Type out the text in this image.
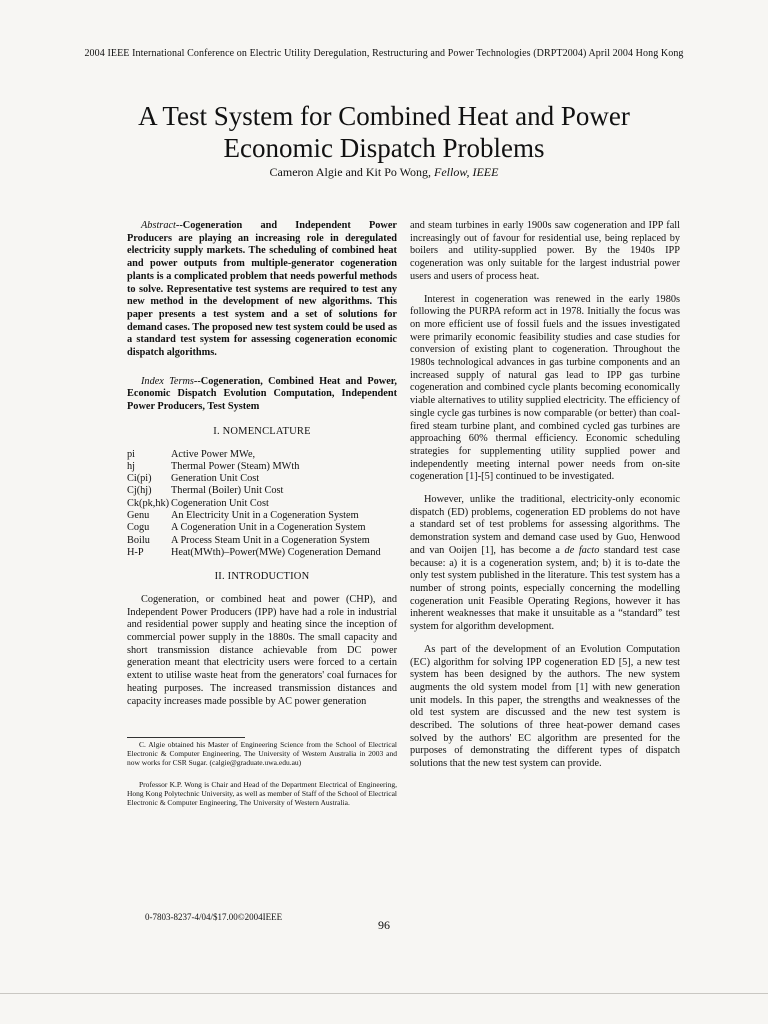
2004 IEEE International Conference on Electric Utility Deregulation, Restructuring and Power Technologies (DRPT2004) April 2004 Hong Kong
A Test System for Combined Heat and Power
Economic Dispatch Problems
Cameron Algie and Kit Po Wong, Fellow, IEEE

Abstract--Cogeneration and Independent Power Producers are playing an increasing role in deregulated electricity supply markets. The scheduling of combined heat and power outputs from multiple-generator cogeneration plants is a complicated problem that needs powerful methods to solve. Representative test systems are required to test any new method in the development of new algorithms. This paper presents a test system and a set of solutions for demand cases. The proposed new test system could be used as a standard test system for assessing cogeneration economic dispatch algorithms.

Index Terms--Cogeneration, Combined Heat and Power, Economic Dispatch Evolution Computation, Independent Power Producers, Test System

I. NOMENCLATURE
pi	Active Power MWe,
hj	Thermal Power (Steam) MWth
Ci(pi)	Generation Unit Cost
Cj(hj)	Thermal (Boiler) Unit Cost
Ck(pk,hk)	Cogeneration Unit Cost
Genu	An Electricity Unit in a Cogeneration System
Cogu	A Cogeneration Unit in a Cogeneration System
Boilu	A Process Steam Unit in a Cogeneration System
H-P	Heat(MWth)–Power(MWe) Cogeneration Demand
II. INTRODUCTION

Cogeneration, or combined heat and power (CHP), and Independent Power Producers (IPP) have had a role in industrial and residential power supply and heating since the inception of commercial power supply in the 1880s. The small capacity and short transmission distance achievable from DC power generation meant that electricity users were forced to a certain extent to utilise waste heat from the generators' coal furnaces for heating purposes. The increased transmission distances and capacity increases made possible by AC power generation

C. Algie obtained his Master of Engineering Science from the School of Electrical Electronic & Computer Engineering, The University of Western Australia in 2003 and now works for CSR Sugar. (calgie@graduate.uwa.edu.au)

Professor K.P. Wong is Chair and Head of the Department Electrical of Engineering, Hong Kong Polytechnic University, as well as member of Staff of the School of Electrical Electronic & Computer Engineering, The University of Western Australia.

and steam turbines in early 1900s saw cogeneration and IPP fall increasingly out of favour for residential use, being replaced by boilers and utility-supplied power. By the 1940s IPP cogeneration was only suitable for the largest industrial power users and users of process heat.

Interest in cogeneration was renewed in the early 1980s following the PURPA reform act in 1978. Initially the focus was on more efficient use of fossil fuels and the issues investigated were primarily economic feasibility studies and case studies for conversion of existing plant to cogeneration. Throughout the 1980s technological advances in gas turbine components and an increased supply of natural gas lead to IPP gas turbine cogeneration and combined cycle plants becoming economically viable alternatives to utility supplied electricity. The efficiency of single cycle gas turbines is now comparable (or better) than coal-fired steam turbine plant, and combined cycled gas turbines are approaching 60% thermal efficiency. Economic scheduling strategies for supplementing utility supplied power and independently meeting internal power needs from on-site cogeneration [1]-[5] continued to be investigated.

However, unlike the traditional, electricity-only economic dispatch (ED) problems, cogeneration ED problems do not have a standard set of test problems for assessing algorithms. The demonstration system and demand case used by Guo, Henwood and van Ooijen [1], has become a de facto standard test case because: a) it is a cogeneration system, and; b) it is to-date the only test system published in the literature. This test system has a number of strong points, especially concerning the modelling cogeneration unit Feasible Operating Regions, however it has inherent weaknesses that make it unsuitable as a “standard” test system for algorithm development.

As part of the development of an Evolution Computation (EC) algorithm for solving IPP cogeneration ED [5], a new test system has been designed by the authors. The new system augments the old system model from [1] with new generation unit models. In this paper, the strengths and weaknesses of the old test system are discussed and the new test system is described. The solutions of three heat-power demand cases solved by the authors' EC algorithm are presented for the purposes of demonstrating the different types of dispatch solutions that the new test system can provide.

0-7803-8237-4/04/$17.00©2004IEEE
96
